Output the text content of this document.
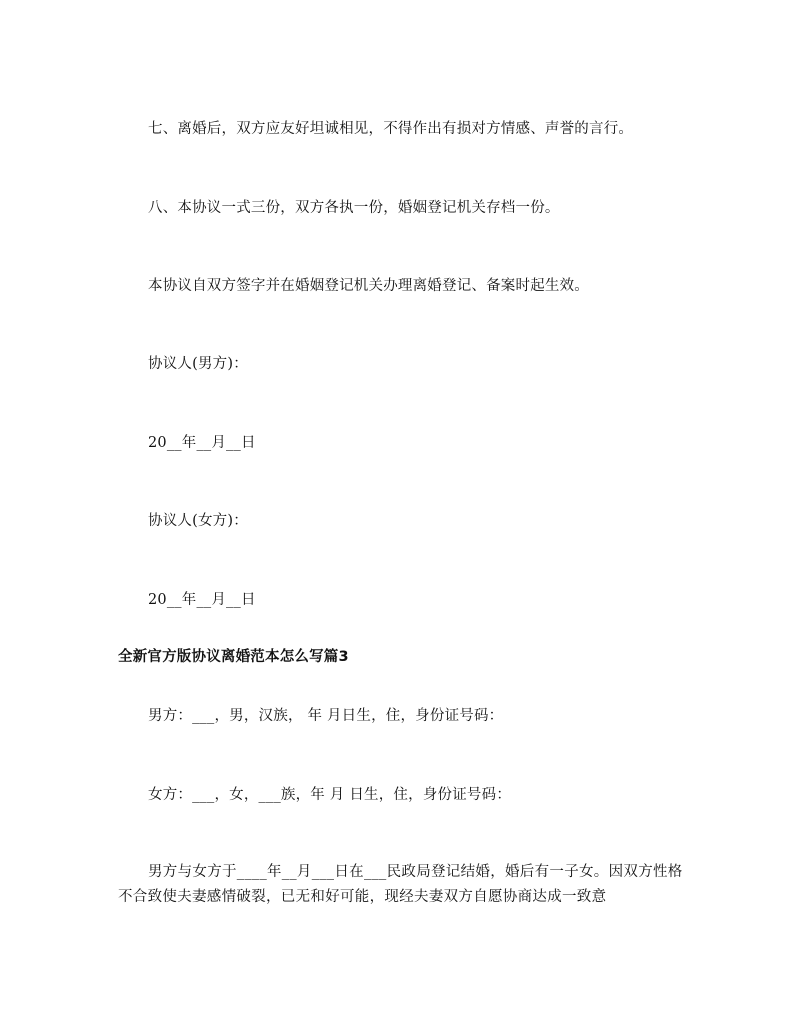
七、离婚后，双方应友好坦诚相见，不得作出有损对方情感、声誉的言行。

八、本协议一式三份，双方各执一份，婚姻登记机关存档一份。

本协议自双方签字并在婚姻登记机关办理离婚登记、备案时起生效。

协议人(男方)：

20__年__月__日

协议人(女方)：

20__年__月__日

全新官方版协议离婚范本怎么写篇3

男方：___，男，汉族， 年 月日生，住，身份证号码：

女方：___，女，___族，年 月 日生，住，身份证号码：

男方与女方于____年__月___日在___民政局登记结婚，婚后有一子女。因双方性格不合致使夫妻感情破裂，已无和好可能，现经夫妻双方自愿协商达成一致意
